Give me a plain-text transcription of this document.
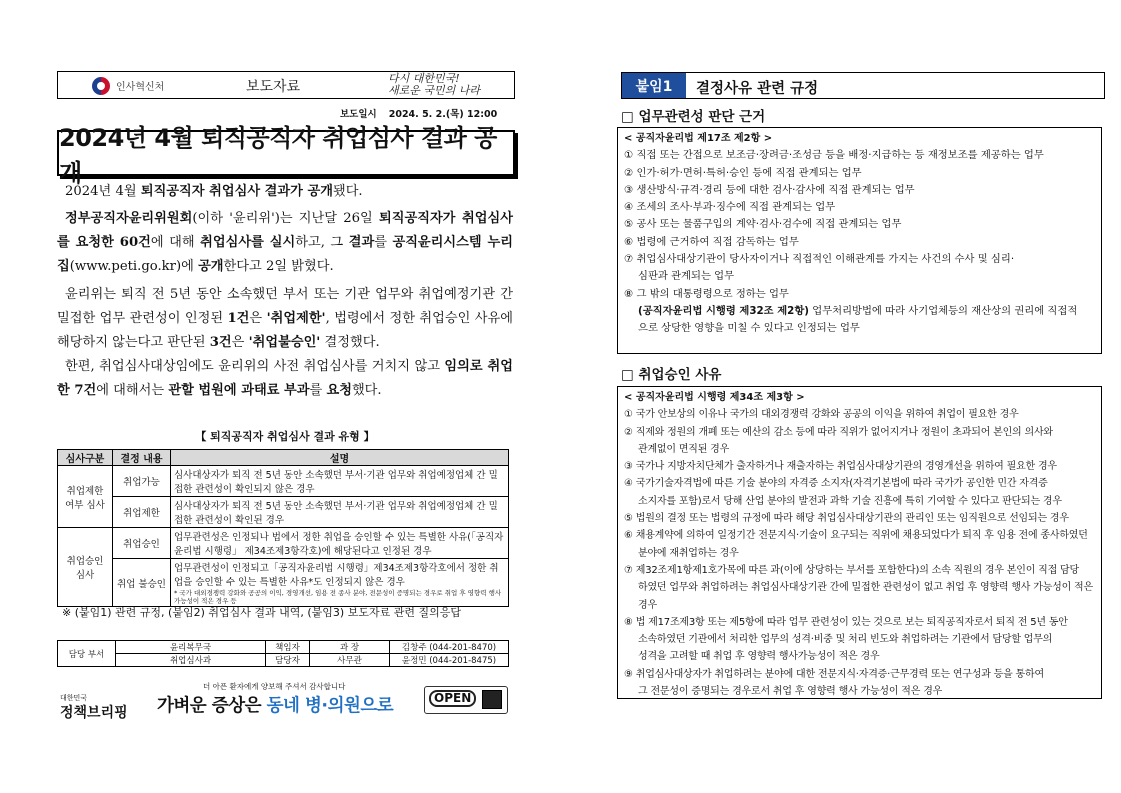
인사혁신처	보도자료
다시 대한민국!
새로운 국민의 나라
보도일시 2024. 5. 2.(목) 12:00
2024년 4월 퇴직공직자 취업심사 결과 공개
2024년 4월 퇴직공직자 취업심사 결과가 공개됐다.
정부공직자윤리위원회(이하 '윤리위')는 지난달 26일 퇴직공직자가 취업심사를 요청한 60건에 대해 취업심사를 실시하고, 그 결과를 공직윤리시스템 누리집(www.peti.go.kr)에 공개한다고 2일 밝혔다.
윤리위는 퇴직 전 5년 동안 소속했던 부서 또는 기관 업무와 취업예정기관 간 밀접한 업무 관련성이 인정된 1건은 '취업제한', 법령에서 정한 취업승인 사유에 해당하지 않는다고 판단된 3건은 '취업불승인' 결정했다.
한편, 취업심사대상임에도 윤리위의 사전 취업심사를 거치지 않고 임의로 취업한 7건에 대해서는 관할 법원에 과태료 부과를 요청했다.
【 퇴직공직자 취업심사 결과 유형 】
심사구분	결정 내용	설명
취업제한 여부 심사	취업가능	심사대상자가 퇴직 전 5년 동안 소속했던 부서·기관 업무와 취업예정업체 간 밀접한 관련성이 확인되지 않은 경우
	취업제한	심사대상자가 퇴직 전 5년 동안 소속했던 부서·기관 업무와 취업예정업체 간 밀접한 관련성이 확인된 경우
취업승인 심사	취업승인	업무관련성은 인정되나 법에서 정한 취업을 승인할 수 있는 특별한 사유(「공직자윤리법 시행령」 제34조제3항각호)에 해당된다고 인정된 경우
	취업 불승인	업무관련성이 인정되고「공직자윤리법 시행령」제34조제3항각호에서 정한 취업을 승인할 수 있는 특별한 사유*도 인정되지 않은 경우
* 국가 대외경쟁력 강화와 공공의 이익, 경영개선, 임용 전 종사 분야, 전문성이 증명되는 경우로 취업 후 영향력 행사 가능성이 적은 경우 등
※ (붙임1) 관련 규정, (붙임2) 취업심사 결과 내역, (붙임3) 보도자료 관련 질의응답
담당 부서	윤리복무국	책임자	과 장	김창주 (044-201-8470)
	취업심사과	담당자	사무관	윤정민 (044-201-8475)
대한민국
정책브리핑
더 아픈 환자에게 양보해 주셔서 감사합니다
가벼운 증상은 동네 병·의원으로	OPEN
붙임1	결정사유 관련 규정
□ 업무관련성 판단 근거
< 공직자윤리법 제17조 제2항 >
① 직접 또는 간접으로 보조금·장려금·조성금 등을 배정·지급하는 등 재정보조를 제공하는 업무
② 인가·허가·면허·특허·승인 등에 직접 관계되는 업무
③ 생산방식·규격·경리 등에 대한 검사·감사에 직접 관계되는 업무
④ 조세의 조사·부과·징수에 직접 관계되는 업무
⑤ 공사 또는 물품구입의 계약·검사·검수에 직접 관계되는 업무
⑥ 법령에 근거하여 직접 감독하는 업무
⑦ 취업심사대상기관이 당사자이거나 직접적인 이해관계를 가지는 사건의 수사 및 심리·
심판과 관계되는 업무
⑧ 그 밖의 대통령령으로 정하는 업무
(공직자윤리법 시행령 제32조 제2항) 업무처리방법에 따라 사기업체등의 재산상의 권리에 직접적
으로 상당한 영향을 미칠 수 있다고 인정되는 업무
□ 취업승인 사유
< 공직자윤리법 시행령 제34조 제3항 >
① 국가 안보상의 이유나 국가의 대외경쟁력 강화와 공공의 이익을 위하여 취업이 필요한 경우
② 직제와 정원의 개폐 또는 예산의 감소 등에 따라 직위가 없어지거나 정원이 초과되어 본인의 의사와
관계없이 면직된 경우
③ 국가나 지방자치단체가 출자하거나 재출자하는 취업심사대상기관의 경영개선을 위하여 필요한 경우
④ 국가기술자격법에 따른 기술 분야의 자격증 소지자(자격기본법에 따라 국가가 공인한 민간 자격증
소지자를 포함)로서 당해 산업 분야의 발전과 과학 기술 진흥에 특히 기여할 수 있다고 판단되는 경우
⑤ 법원의 결정 또는 법령의 규정에 따라 해당 취업심사대상기관의 관리인 또는 임직원으로 선임되는 경우
⑥ 채용계약에 의하여 일정기간 전문지식·기술이 요구되는 직위에 채용되었다가 퇴직 후 임용 전에 종사하였던
분야에 재취업하는 경우
⑦ 제32조제1항제1호가목에 따른 과(이에 상당하는 부서를 포함한다)의 소속 직원의 경우 본인이 직접 담당
하였던 업무와 취업하려는 취업심사대상기관 간에 밀접한 관련성이 없고 취업 후 영향력 행사 가능성이 적은 경우
⑧ 법 제17조제3항 또는 제5항에 따라 업무 관련성이 있는 것으로 보는 퇴직공직자로서 퇴직 전 5년 동안
소속하였던 기관에서 처리한 업무의 성격·비중 및 처리 빈도와 취업하려는 기관에서 담당할 업무의
성격을 고려할 때 취업 후 영향력 행사가능성이 적은 경우
⑨ 취업심사대상자가 취업하려는 분야에 대한 전문지식·자격증·근무경력 또는 연구성과 등을 통하여
그 전문성이 증명되는 경우로서 취업 후 영향력 행사 가능성이 적은 경우
